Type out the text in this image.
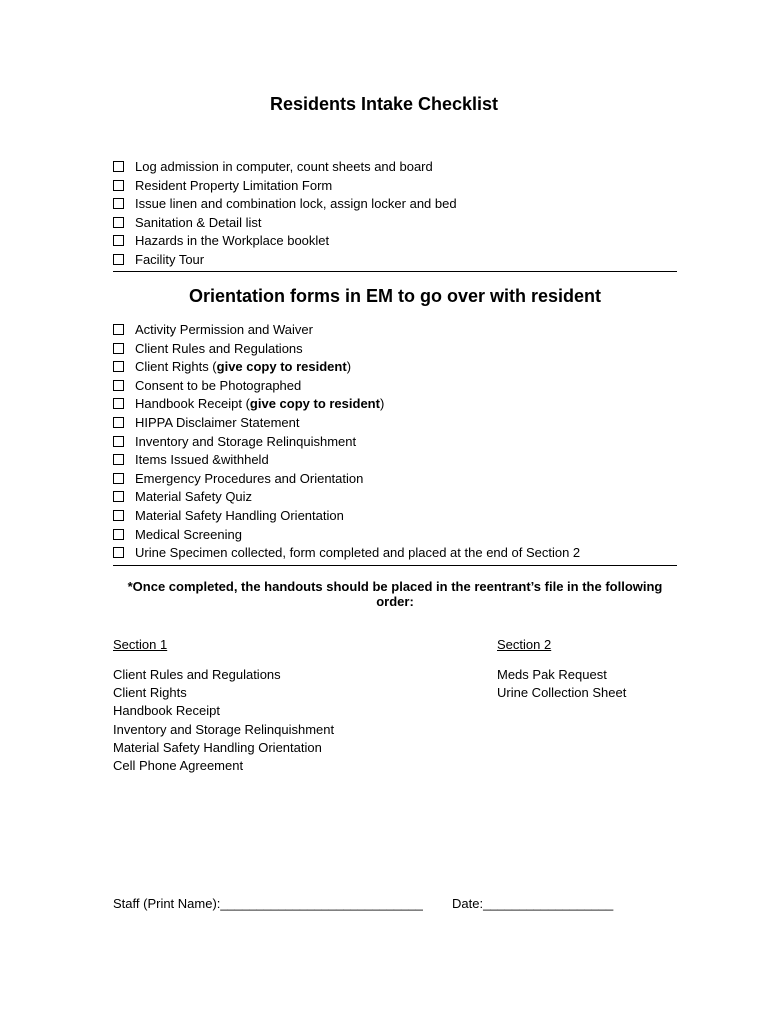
Residents Intake Checklist
Log admission in computer, count sheets and board
Resident Property Limitation Form
Issue linen and combination lock, assign locker and bed
Sanitation & Detail list
Hazards in the Workplace booklet
Facility Tour
Orientation forms in EM to go over with resident
Activity Permission and Waiver
Client Rules and Regulations
Client Rights (give copy to resident)
Consent to be Photographed
Handbook Receipt (give copy to resident)
HIPPA Disclaimer Statement
Inventory and Storage Relinquishment
Items Issued &withheld
Emergency Procedures and Orientation
Material Safety Quiz
Material Safety Handling Orientation
Medical Screening
Urine Specimen collected, form completed and placed at the end of Section 2
*Once completed, the handouts should be placed in the reentrant’s file in the following order:
Section 1	Section 2
Client Rules and Regulations
Client Rights
Handbook Receipt
Inventory and Storage Relinquishment
Material Safety Handling Orientation
Cell Phone Agreement
Meds Pak Request
Urine Collection Sheet
Staff (Print Name):____________________________ Date:__________________
